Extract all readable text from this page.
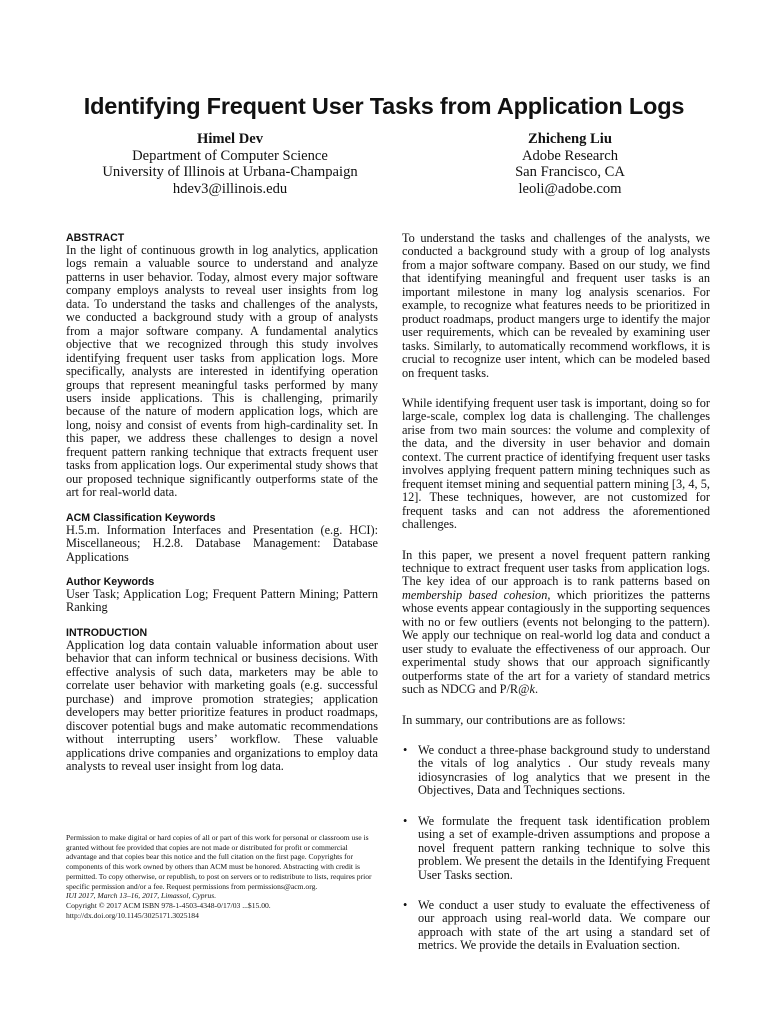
Identifying Frequent User Tasks from Application Logs
Himel Dev
Department of Computer Science
University of Illinois at Urbana-Champaign
hdev3@illinois.edu
Zhicheng Liu
Adobe Research
San Francisco, CA
leoli@adobe.com
ABSTRACT

In the light of continuous growth in log analytics, application logs remain a valuable source to understand and analyze patterns in user behavior. Today, almost every major software company employs analysts to reveal user insights from log data. To understand the tasks and challenges of the analysts, we conducted a background study with a group of analysts from a major software company. A fundamental analytics objective that we recognized through this study involves identifying frequent user tasks from application logs. More specifically, analysts are interested in identifying operation groups that represent meaningful tasks performed by many users inside applications. This is challenging, primarily because of the nature of modern application logs, which are long, noisy and consist of events from high-cardinality set. In this paper, we address these challenges to design a novel frequent pattern ranking technique that extracts frequent user tasks from application logs. Our experimental study shows that our proposed technique significantly outperforms state of the art for real-world data.

ACM Classification Keywords

H.5.m. Information Interfaces and Presentation (e.g. HCI): Miscellaneous; H.2.8. Database Management: Database Applications

Author Keywords

User Task; Application Log; Frequent Pattern Mining; Pattern Ranking

INTRODUCTION

Application log data contain valuable information about user behavior that can inform technical or business decisions. With effective analysis of such data, marketers may be able to correlate user behavior with marketing goals (e.g. successful purchase) and improve promotion strategies; application developers may better prioritize features in product roadmaps, discover potential bugs and make automatic recommendations without interrupting users’ workflow. These valuable applications drive companies and organizations to employ data analysts to reveal user insight from log data.

Permission to make digital or hard copies of all or part of this work for personal or classroom use is granted without fee provided that copies are not made or distributed for profit or commercial advantage and that copies bear this notice and the full citation on the first page. Copyrights for components of this work owned by others than ACM must be honored. Abstracting with credit is permitted. To copy otherwise, or republish, to post on servers or to redistribute to lists, requires prior specific permission and/or a fee. Request permissions from permissions@acm.org.
IUI 2017, March 13–16, 2017, Limassol, Cyprus.
Copyright © 2017 ACM ISBN 978-1-4503-4348-0/17/03 ...$15.00.
http://dx.doi.org/10.1145/3025171.3025184

To understand the tasks and challenges of the analysts, we conducted a background study with a group of log analysts from a major software company. Based on our study, we find that identifying meaningful and frequent user tasks is an important milestone in many log analysis scenarios. For example, to recognize what features needs to be prioritized in product roadmaps, product mangers urge to identify the major user requirements, which can be revealed by examining user tasks. Similarly, to automatically recommend workflows, it is crucial to recognize user intent, which can be modeled based on frequent tasks.

While identifying frequent user task is important, doing so for large-scale, complex log data is challenging. The challenges arise from two main sources: the volume and complexity of the data, and the diversity in user behavior and domain context. The current practice of identifying frequent user tasks involves applying frequent pattern mining techniques such as frequent itemset mining and sequential pattern mining [3, 4, 5, 12]. These techniques, however, are not customized for frequent tasks and can not address the aforementioned challenges.

In this paper, we present a novel frequent pattern ranking technique to extract frequent user tasks from application logs. The key idea of our approach is to rank patterns based on membership based cohesion, which prioritizes the patterns whose events appear contagiously in the supporting sequences with no or few outliers (events not belonging to the pattern). We apply our technique on real-world log data and conduct a user study to evaluate the effectiveness of our approach. Our experimental study shows that our approach significantly outperforms state of the art for a variety of standard metrics such as NDCG and P/R@k.

In summary, our contributions are as follows:

• We conduct a three-phase background study to understand the vitals of log analytics . Our study reveals many idiosyncrasies of log analytics that we present in the Objectives, Data and Techniques sections.
• We formulate the frequent task identification problem using a set of example-driven assumptions and propose a novel frequent pattern ranking technique to solve this problem. We present the details in the Identifying Frequent User Tasks section.
• We conduct a user study to evaluate the effectiveness of our approach using real-world data. We compare our approach with state of the art using a standard set of metrics. We provide the details in Evaluation section.
